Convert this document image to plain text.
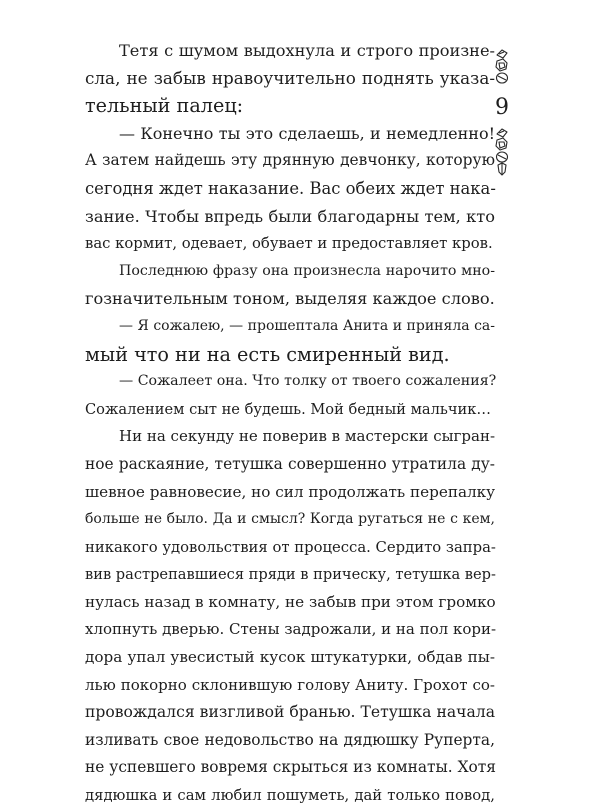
Тетя с шумом выдохнула и строго произне-
сла, не забыв нравоучительно поднять указа-
тельный палец:
— Конечно ты это сделаешь, и немедленно!
А затем найдешь эту дрянную девчонку, которую
сегодня ждет наказание. Вас обеих ждет нака-
зание. Чтобы впредь были благодарны тем, кто
вас кормит, одевает, обувает и предоставляет кров.
Последнюю фразу она произнесла нарочито мно-
гозначительным тоном, выделяя каждое слово.
— Я сожалею, — прошептала Анита и приняла са-
мый что ни на есть смиренный вид.
— Сожалеет она. Что толку от твоего сожаления?
Сожалением сыт не будешь. Мой бедный мальчик…
Ни на секунду не поверив в мастерски сыгран-
ное раскаяние, тетушка совершенно утратила ду-
шевное равновесие, но сил продолжать перепалку
больше не было. Да и смысл? Когда ругаться не с кем,
никакого удовольствия от процесса. Сердито запра-
вив растрепавшиеся пряди в прическу, тетушка вер-
нулась назад в комнату, не забыв при этом громко
хлопнуть дверью. Стены задрожали, и на пол кори-
дора упал увесистый кусок штукатурки, обдав пы-
лью покорно склонившую голову Аниту. Грохот со-
провождался визгливой бранью. Тетушка начала
изливать свое недовольство на дядюшку Руперта,
не успевшего вовремя скрыться из комнаты. Хотя
дядюшка и сам любил пошуметь, дай только повод,
9
